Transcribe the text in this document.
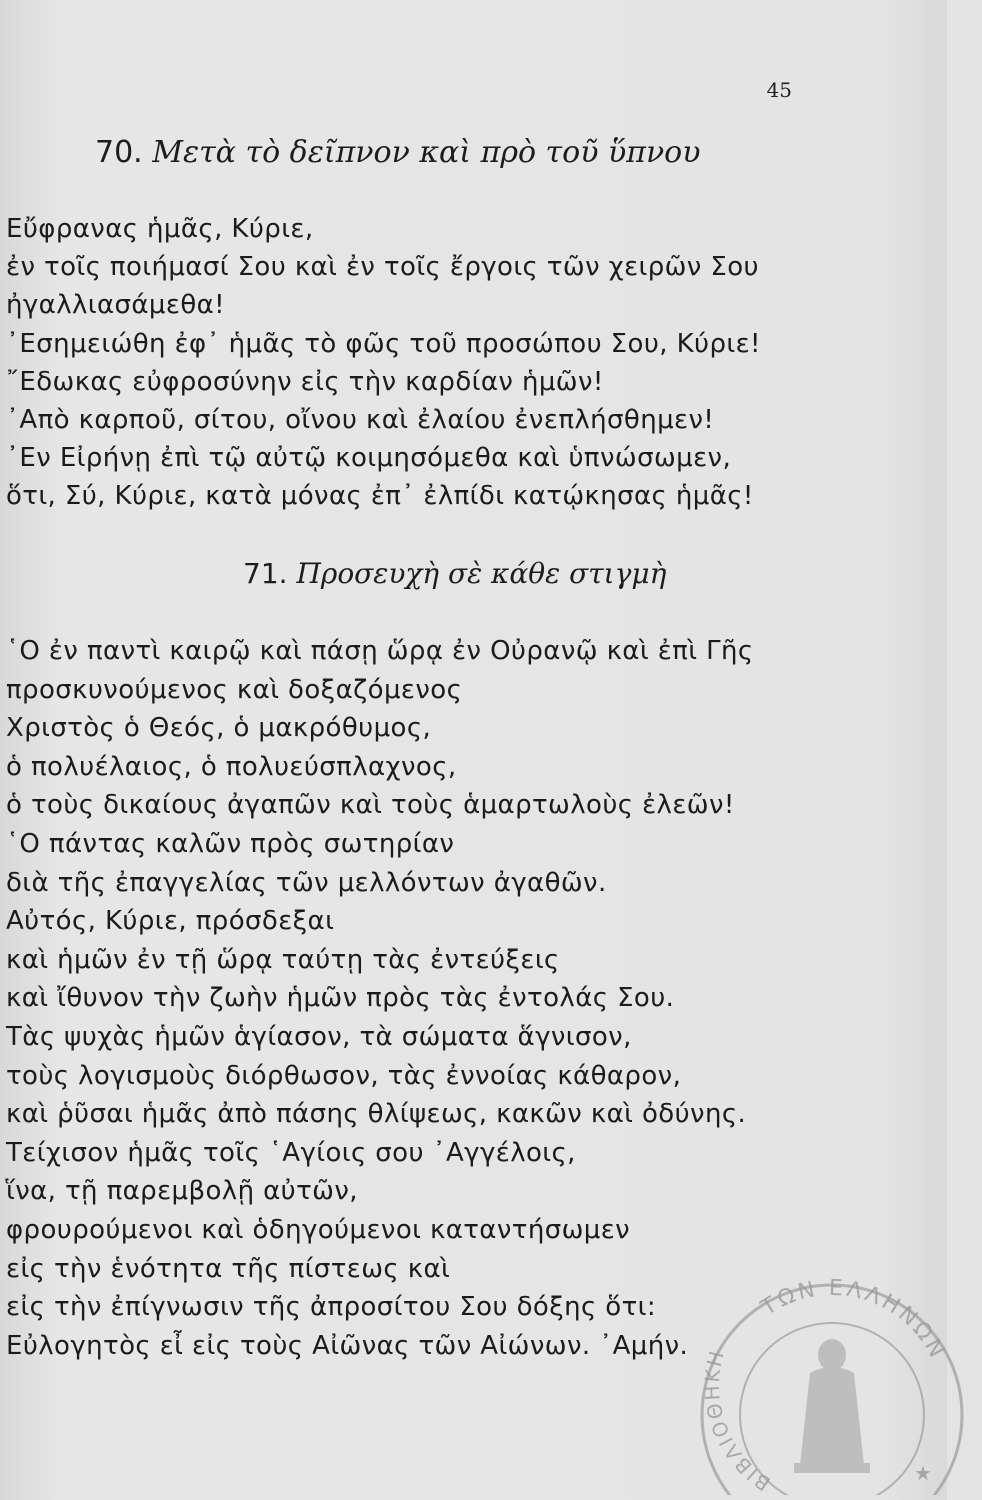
45
70. Μετὰ τὸ δεῖπνον καὶ πρὸ τοῦ ὕπνου
Εὔφρανας ἡμᾶς, Κύριε,
ἐν τοῖς ποιήμασί Σου καὶ ἐν τοῖς ἔργοις τῶν χειρῶν Σου
ἠγαλλιασάμεθα!
᾽Εσημειώθη ἐφ᾽ ἡμᾶς τὸ φῶς τοῦ προσώπου Σου, Κύριε!
῎Εδωκας εὐφροσύνην εἰς τὴν καρδίαν ἡμῶν!
᾽Απὸ καρποῦ, σίτου, οἴνου καὶ ἐλαίου ἐνεπλήσθημεν!
᾽Εν Εἰρήνῃ ἐπὶ τῷ αὐτῷ κοιμησόμεθα καὶ ὑπνώσωμεν,
ὅτι, Σύ, Κύριε, κατὰ μόνας ἐπ᾽ ἐλπίδι κατῴκησας ἡμᾶς!
71. Προσευχὴ σὲ κάθε στιγμὴ
῾Ο ἐν παντὶ καιρῷ καὶ πάσῃ ὥρᾳ ἐν Οὐρανῷ καὶ ἐπὶ Γῆς
προσκυνούμενος καὶ δοξαζόμενος
Χριστὸς ὁ Θεός, ὁ μακρόθυμος,
ὁ πολυέλαιος, ὁ πολυεύσπλαχνος,
ὁ τοὺς δικαίους ἀγαπῶν καὶ τοὺς ἁμαρτωλοὺς ἐλεῶν!
῾Ο πάντας καλῶν πρὸς σωτηρίαν
διὰ τῆς ἐπαγγελίας τῶν μελλόντων ἀγαθῶν.
Αὐτός, Κύριε, πρόσδεξαι
καὶ ἡμῶν ἐν τῇ ὥρᾳ ταύτῃ τὰς ἐντεύξεις
καὶ ἴθυνον τὴν ζωὴν ἡμῶν πρὸς τὰς ἐντολάς Σου.
Τὰς ψυχὰς ἡμῶν ἁγίασον, τὰ σώματα ἅγνισον,
τοὺς λογισμοὺς διόρθωσον, τὰς ἐννοίας κάθαρον,
καὶ ῥῦσαι ἡμᾶς ἀπὸ πάσης θλίψεως, κακῶν καὶ ὀδύνης.
Τείχισον ἡμᾶς τοῖς ῾Αγίοις σου ᾽Αγγέλοις,
ἵνα, τῇ παρεμβολῇ αὐτῶν,
φρουρούμενοι καὶ ὁδηγούμενοι καταντήσωμεν
εἰς τὴν ἑνότητα τῆς πίστεως καὶ
εἰς τὴν ἐπίγνωσιν τῆς ἀπροσίτου Σου δόξης ὅτι:
Εὐλογητὸς εἶ εἰς τοὺς Αἰῶνας τῶν Αἰώνων. ᾽Αμήν.
ΤΩΝ ΕΛΛΗΝΩΝ
ΒΙΒΛΙΟΘΗΚΗ
★
